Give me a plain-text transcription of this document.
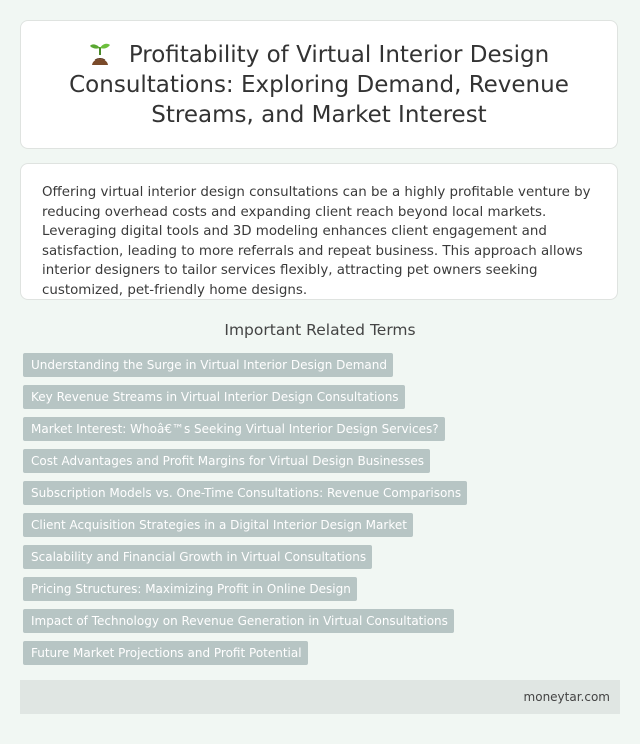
Profitability of Virtual Interior Design Consultations: Exploring Demand, Revenue Streams, and Market Interest

Offering virtual interior design consultations can be a highly profitable venture by reducing overhead costs and expanding client reach beyond local markets. Leveraging digital tools and 3D modeling enhances client engagement and satisfaction, leading to more referrals and repeat business. This approach allows interior designers to tailor services flexibly, attracting pet owners seeking customized, pet-friendly home designs.

Important Related Terms
Understanding the Surge in Virtual Interior Design Demand
Key Revenue Streams in Virtual Interior Design Consultations
Market Interest: Whoâ€™s Seeking Virtual Interior Design Services?
Cost Advantages and Profit Margins for Virtual Design Businesses
Subscription Models vs. One-Time Consultations: Revenue Comparisons
Client Acquisition Strategies in a Digital Interior Design Market
Scalability and Financial Growth in Virtual Consultations
Pricing Structures: Maximizing Profit in Online Design
Impact of Technology on Revenue Generation in Virtual Consultations
Future Market Projections and Profit Potential
moneytar.com
